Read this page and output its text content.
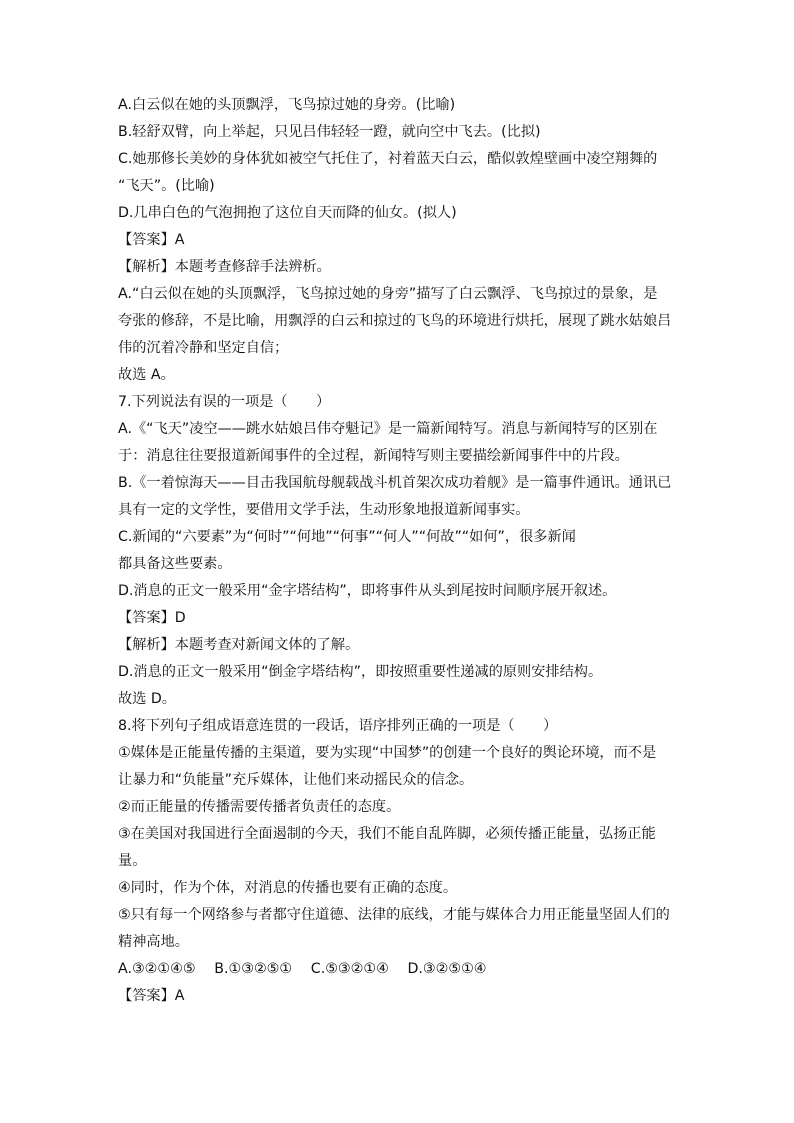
A.白云似在她的头顶飘浮，飞鸟掠过她的身旁。(比喻)

B.轻舒双臂，向上举起，只见吕伟轻轻一蹬，就向空中飞去。(比拟)

C.她那修长美妙的身体犹如被空气托住了，衬着蓝天白云，酷似敦煌壁画中凌空翔舞的

“飞天”。(比喻)

D.几串白色的气泡拥抱了这位自天而降的仙女。(拟人)

【答案】A

【解析】本题考查修辞手法辨析。

A.“白云似在她的头顶飘浮，飞鸟掠过她的身旁”描写了白云飘浮、飞鸟掠过的景象，是

夸张的修辞，不是比喻，用飘浮的白云和掠过的飞鸟的环境进行烘托，展现了跳水姑娘吕

伟的沉着冷静和坚定自信；

故选 A。

7.下列说法有误的一项是（　　）

A.《“飞天”凌空——跳水姑娘吕伟夺魁记》是一篇新闻特写。消息与新闻特写的区别在

于：消息往往要报道新闻事件的全过程，新闻特写则主要描绘新闻事件中的片段。

B.《一着惊海天——目击我国航母舰载战斗机首架次成功着舰》是一篇事件通讯。通讯已

具有一定的文学性，要借用文学手法，生动形象地报道新闻事实。

C.新闻的“六要素”为“何时”“何地”“何事”“何人”“何故”“如何”，很多新闻

都具备这些要素。

D.消息的正文一般采用“金字塔结构”，即将事件从头到尾按时间顺序展开叙述。

【答案】D

【解析】本题考查对新闻文体的了解。

D.消息的正文一般采用“倒金字塔结构”，即按照重要性递减的原则安排结构。

故选 D。

8.将下列句子组成语意连贯的一段话，语序排列正确的一项是（　　）

①媒体是正能量传播的主渠道，要为实现“中国梦”的创建一个良好的舆论环境，而不是

让暴力和“负能量”充斥媒体，让他们来动摇民众的信念。

②而正能量的传播需要传播者负责任的态度。

③在美国对我国进行全面遏制的今天，我们不能自乱阵脚，必须传播正能量，弘扬正能

量。

④同时，作为个体，对消息的传播也要有正确的态度。

⑤只有每一个网络参与者都守住道德、法律的底线，才能与媒体合力用正能量坚固人们的

精神高地。

A.③②①④⑤　 B.①③②⑤①　 C.⑤③②①④　 D.③②⑤①④

【答案】A
